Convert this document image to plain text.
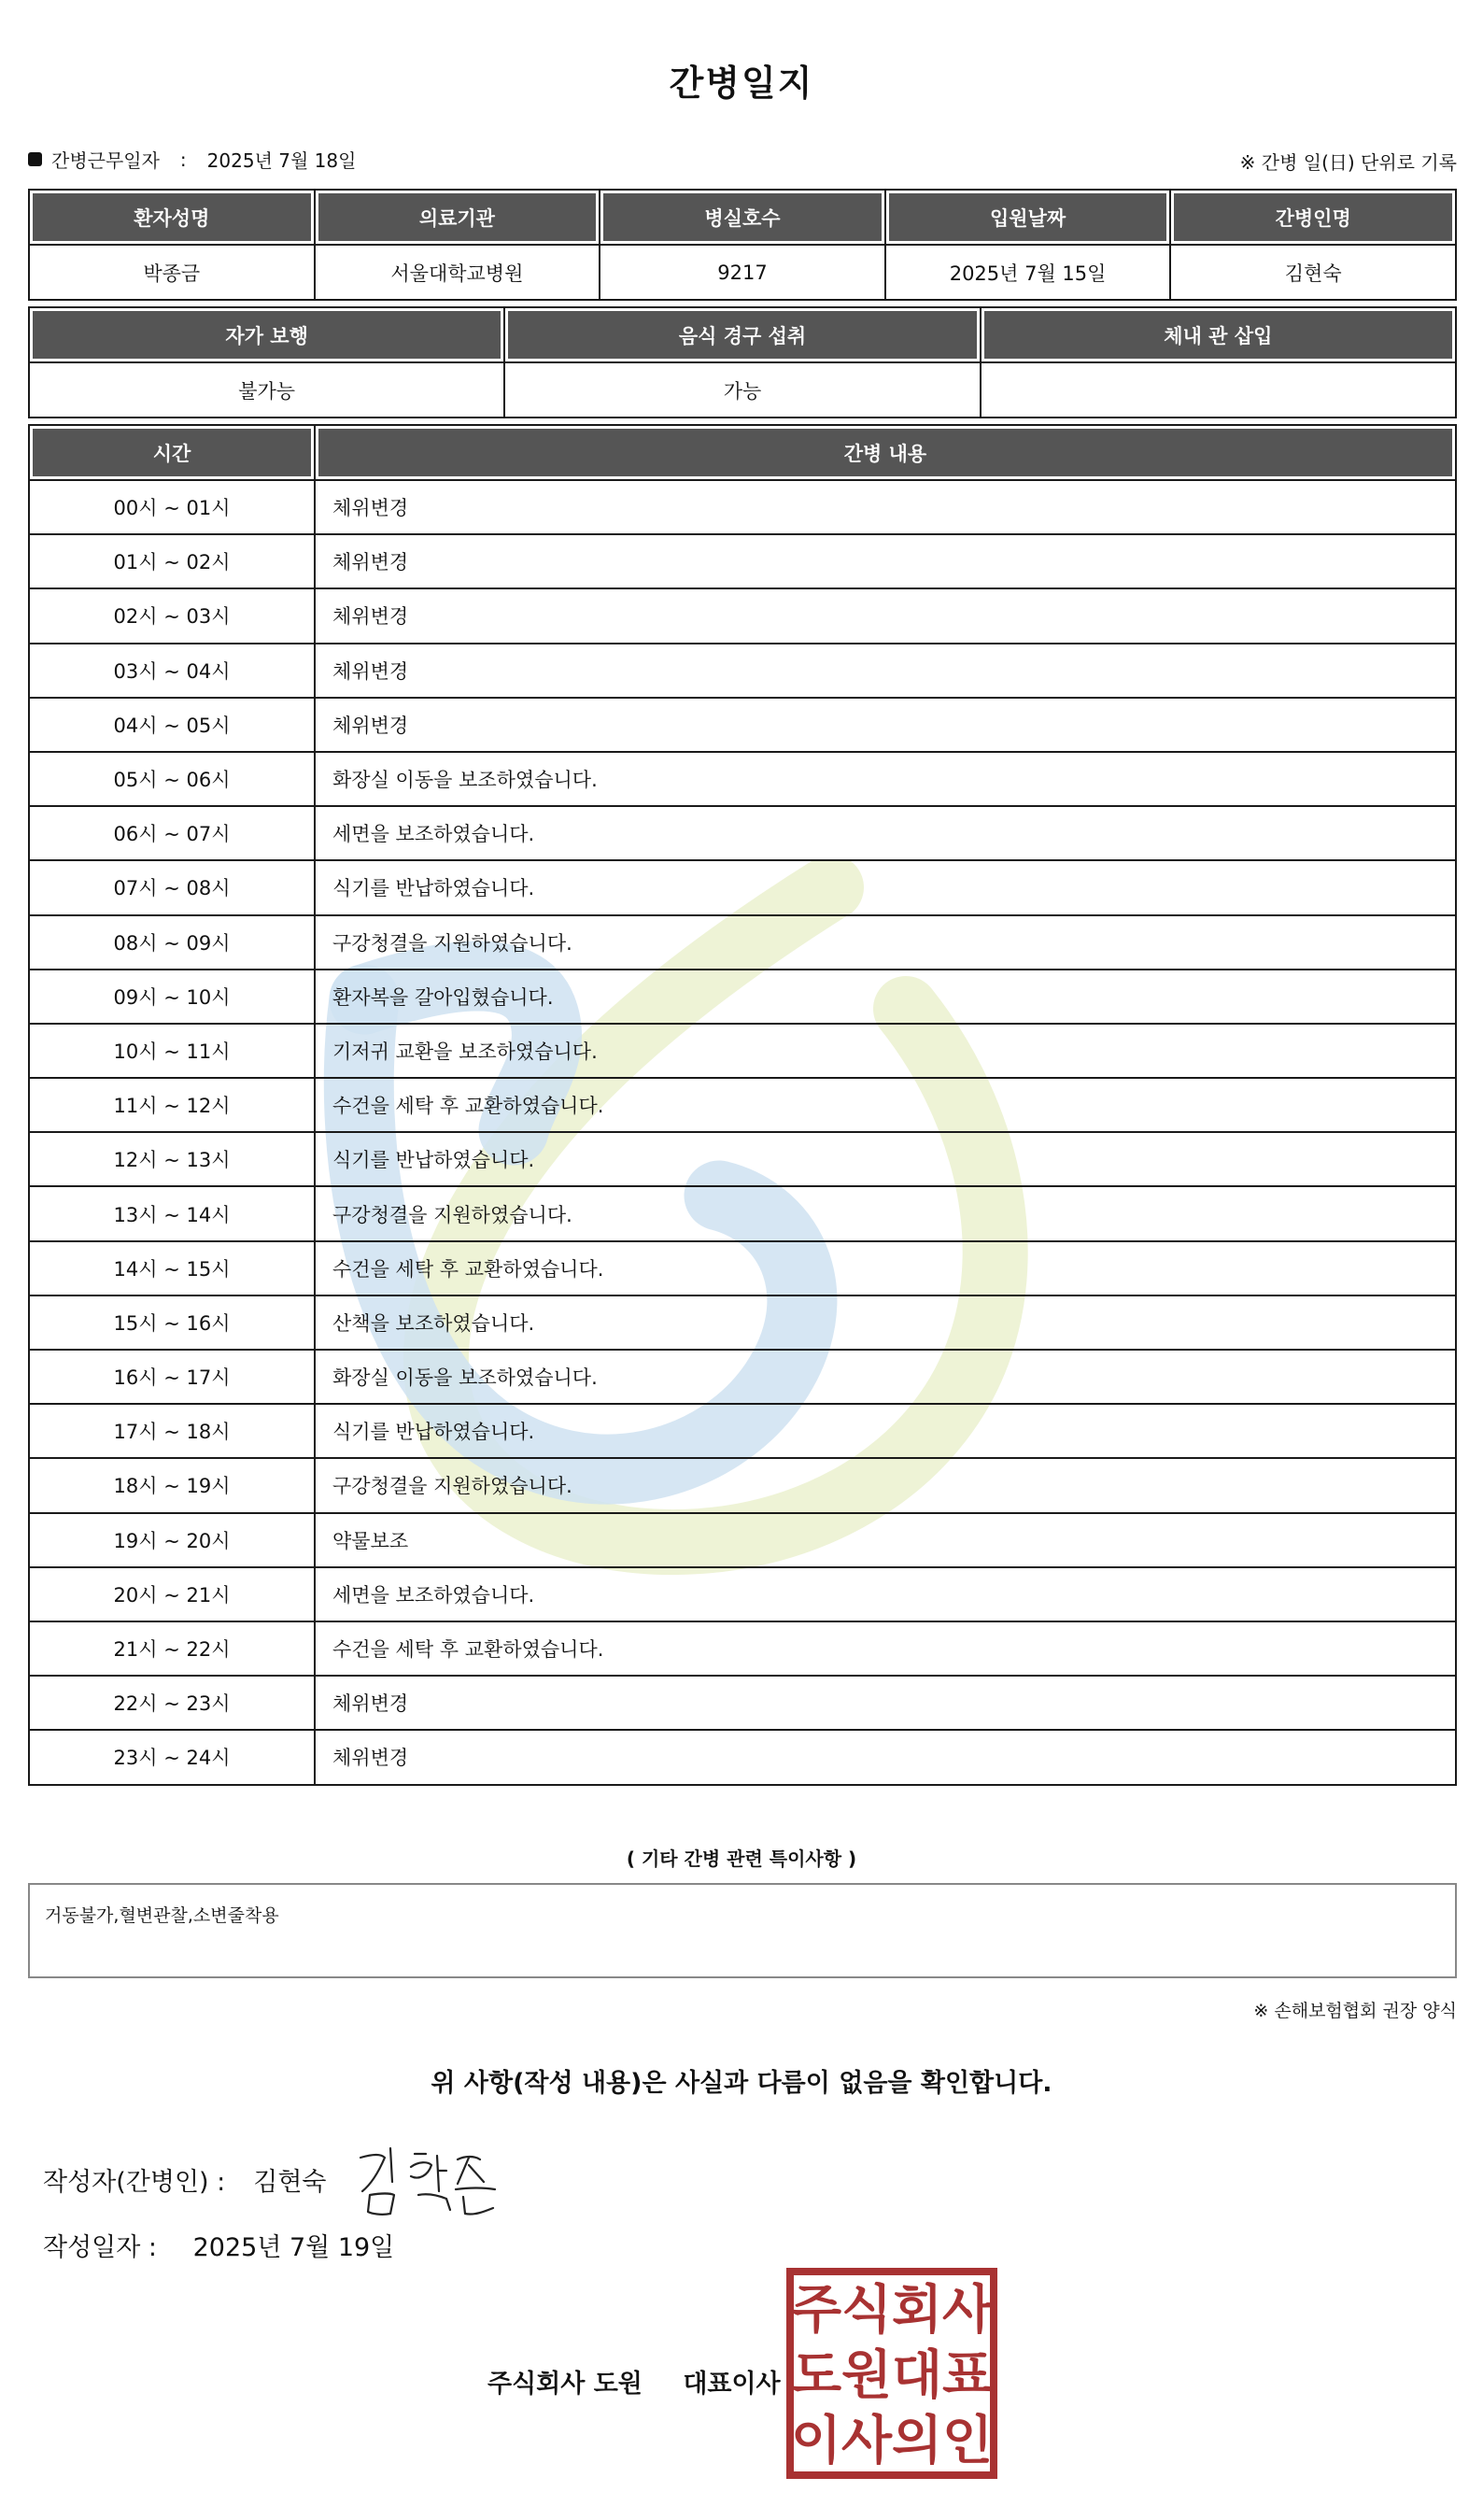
간병일지
간병근무일자 : 2025년 7월 18일	※ 간병 일(日) 단위로 기록
환자성명	의료기관	병실호수	입원날짜	간병인명
박종금	서울대학교병원	9217	2025년 7월 15일	김현숙
자가 보행	음식 경구 섭취	체내 관 삽입
불가능	가능	
시간	간병 내용
00시 ~ 01시	체위변경
01시 ~ 02시	체위변경
02시 ~ 03시	체위변경
03시 ~ 04시	체위변경
04시 ~ 05시	체위변경
05시 ~ 06시	화장실 이동을 보조하였습니다.
06시 ~ 07시	세면을 보조하였습니다.
07시 ~ 08시	식기를 반납하였습니다.
08시 ~ 09시	구강청결을 지원하였습니다.
09시 ~ 10시	환자복을 갈아입혔습니다.
10시 ~ 11시	기저귀 교환을 보조하였습니다.
11시 ~ 12시	수건을 세탁 후 교환하였습니다.
12시 ~ 13시	식기를 반납하였습니다.
13시 ~ 14시	구강청결을 지원하였습니다.
14시 ~ 15시	수건을 세탁 후 교환하였습니다.
15시 ~ 16시	산책을 보조하였습니다.
16시 ~ 17시	화장실 이동을 보조하였습니다.
17시 ~ 18시	식기를 반납하였습니다.
18시 ~ 19시	구강청결을 지원하였습니다.
19시 ~ 20시	약물보조
20시 ~ 21시	세면을 보조하였습니다.
21시 ~ 22시	수건을 세탁 후 교환하였습니다.
22시 ~ 23시	체위변경
23시 ~ 24시	체위변경
( 기타 간병 관련 특이사항 )
거동불가,혈변관찰,소변줄착용
※ 손해보험협회 권장 양식
위 사항(작성 내용)은 사실과 다름이 없음을 확인합니다.
작성자(간병인) : 김현숙
작성일자 : 2025년 7월 19일
주식회사 도원 대표이사
주 식 회 사
도 원 대 표
이 사 의 인
